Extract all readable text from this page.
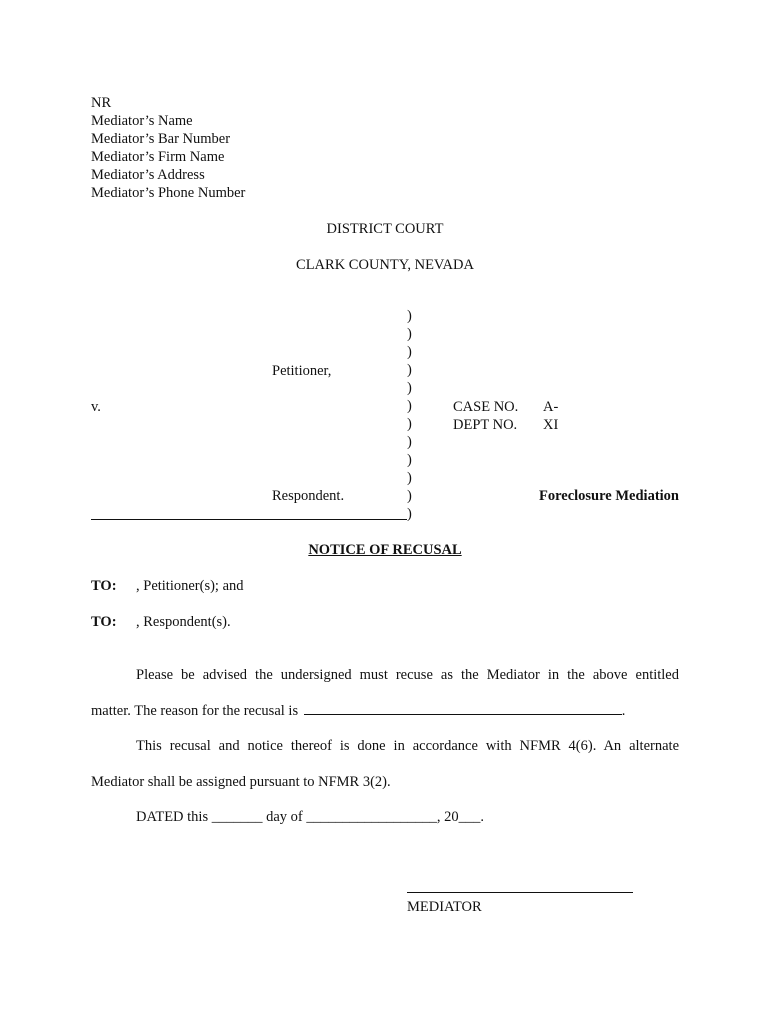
NR
Mediator’s Name
Mediator’s Bar Number
Mediator’s Firm Name
Mediator’s Address
Mediator’s Phone Number
DISTRICT COURT
CLARK COUNTY, NEVADA
)
)
)
)
)
)
)
)
)
)
)
)
Petitioner,
v.
Respondent.
CASE NO. A-
DEPT NO. XI
Foreclosure Mediation
NOTICE OF RECUSAL
TO: , Petitioner(s); and
TO: , Respondent(s).
Please be advised the undersigned must recuse as the Mediator in the above entitled
matter. The reason for the recusal is	.
This recusal and notice thereof is done in accordance with NFMR 4(6). An alternate
Mediator shall be assigned pursuant to NFMR 3(2).
DATED this _______ day of __________________, 20___.
MEDIATOR
